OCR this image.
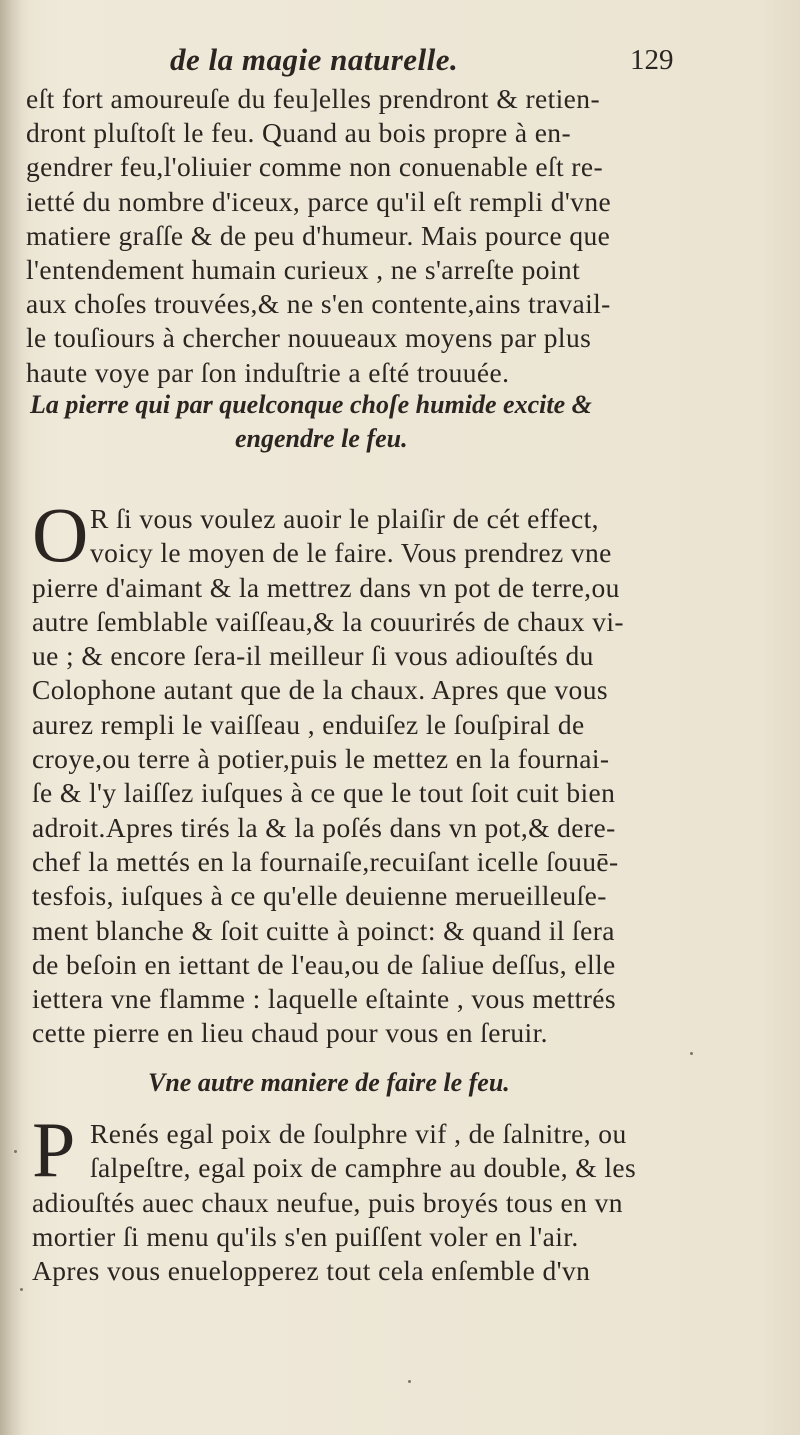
de la magie naturelle.	129
eſt fort amoureuſe du feu]elles prendront & retien-
dront pluſtoſt le feu. Quand au bois propre à en-
gendrer feu,l'oliuier comme non conuenable eſt re-
ietté du nombre d'iceux, parce qu'il eſt rempli d'vne
matiere graſſe & de peu d'humeur. Mais pource que
l'entendement humain curieux , ne s'arreſte point
aux choſes trouvées,& ne s'en contente,ains travail-
le touſiours à chercher nouueaux moyens par plus
haute voye par ſon induſtrie a eſté trouuée.
La pierre qui par quelconque choſe humide excite &
engendre le feu.
O R ſi vous voulez auoir le plaiſir de cét effect,
voicy le moyen de le faire. Vous prendrez vne
pierre d'aimant & la mettrez dans vn pot de terre,ou
autre ſemblable vaiſſeau,& la couurirés de chaux vi-
ue ; & encore ſera-il meilleur ſi vous adiouſtés du
Colophone autant que de la chaux. Apres que vous
aurez rempli le vaiſſeau , enduiſez le ſouſpiral de
croye,ou terre à potier,puis le mettez en la fournai-
ſe & l'y laiſſez iuſques à ce que le tout ſoit cuit bien
adroit.Apres tirés la & la poſés dans vn pot,& dere-
chef la mettés en la fournaiſe,recuiſant icelle ſouuē-
tesfois, iuſques à ce qu'elle deuienne merueilleuſe-
ment blanche & ſoit cuitte à poinct: & quand il ſera
de beſoin en iettant de l'eau,ou de ſaliue deſſus, elle
iettera vne flamme : laquelle eſtainte , vous mettrés
cette pierre en lieu chaud pour vous en ſeruir.
Vne autre maniere de faire le feu.
P Renés egal poix de ſoulphre vif , de ſalnitre, ou
ſalpeſtre, egal poix de camphre au double, & les
adiouſtés auec chaux neufue, puis broyés tous en vn
mortier ſi menu qu'ils s'en puiſſent voler en l'air.
Apres vous enuelopperez tout cela enſemble d'vn
